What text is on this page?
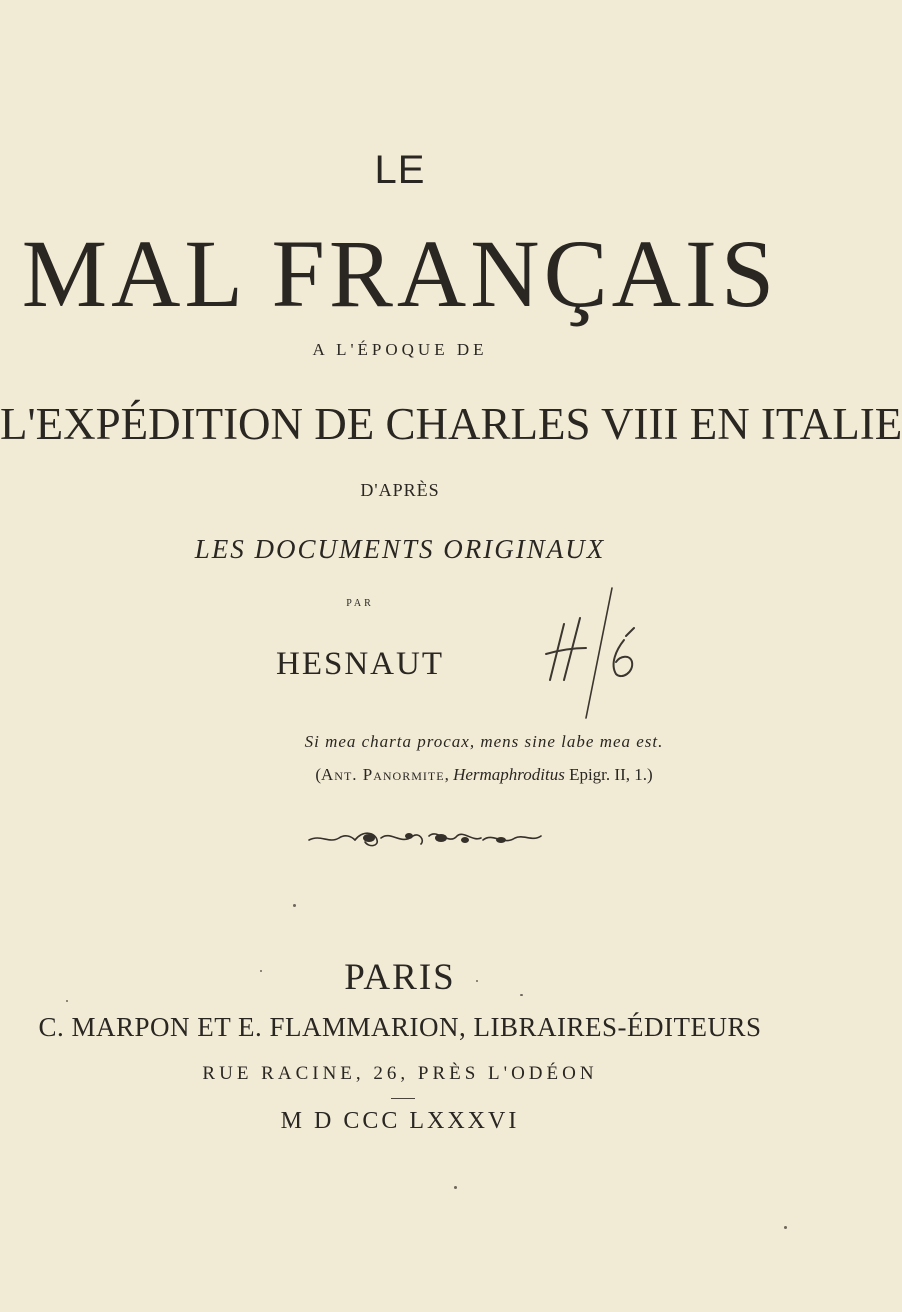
LE
MAL FRANÇAIS
A L'ÉPOQUE DE
L'EXPÉDITION DE CHARLES VIII EN ITALIE
D'APRÈS
LES DOCUMENTS ORIGINAUX
PAR
HESNAUT
Si mea charta procax, mens sine labe mea est.
(Ant. Panormite, Hermaphroditus Epigr. II, 1.)
PARIS
C. MARPON ET E. FLAMMARION, LIBRAIRES-ÉDITEURS
RUE RACINE, 26, PRÈS L'ODÉON
M D CCC LXXXVI
